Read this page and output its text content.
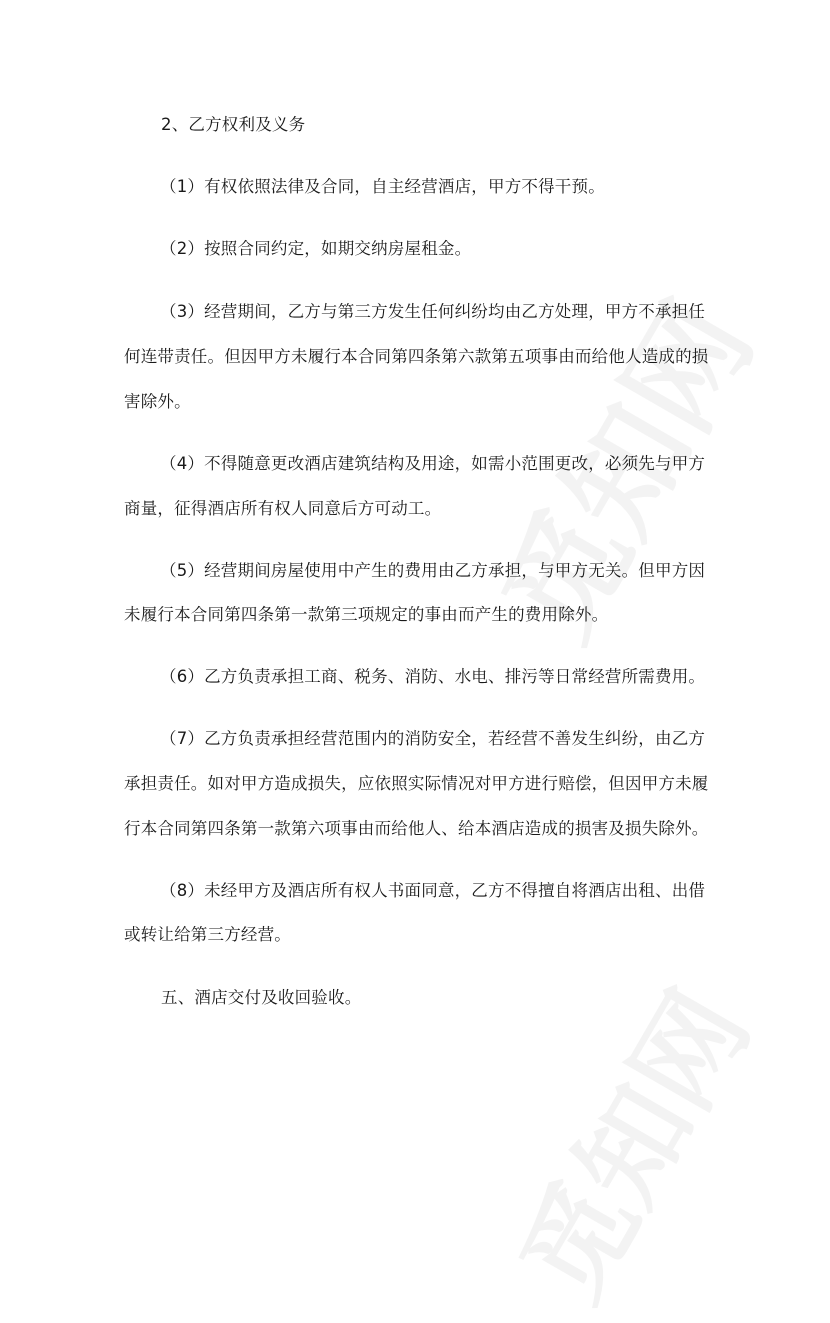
2、乙方权利及义务
（1）有权依照法律及合同，自主经营酒店，甲方不得干预。
（2）按照合同约定，如期交纳房屋租金。
（3）经营期间，乙方与第三方发生任何纠纷均由乙方处理，甲方不承担任
何连带责任。但因甲方未履行本合同第四条第六款第五项事由而给他人造成的损
害除外。
（4）不得随意更改酒店建筑结构及用途，如需小范围更改，必须先与甲方
商量，征得酒店所有权人同意后方可动工。
（5）经营期间房屋使用中产生的费用由乙方承担，与甲方无关。但甲方因
未履行本合同第四条第一款第三项规定的事由而产生的费用除外。
（6）乙方负责承担工商、税务、消防、水电、排污等日常经营所需费用。
（7）乙方负责承担经营范围内的消防安全，若经营不善发生纠纷，由乙方
承担责任。如对甲方造成损失，应依照实际情况对甲方进行赔偿，但因甲方未履
行本合同第四条第一款第六项事由而给他人、给本酒店造成的损害及损失除外。
（8）未经甲方及酒店所有权人书面同意，乙方不得擅自将酒店出租、出借
或转让给第三方经营。
五、酒店交付及收回验收。
